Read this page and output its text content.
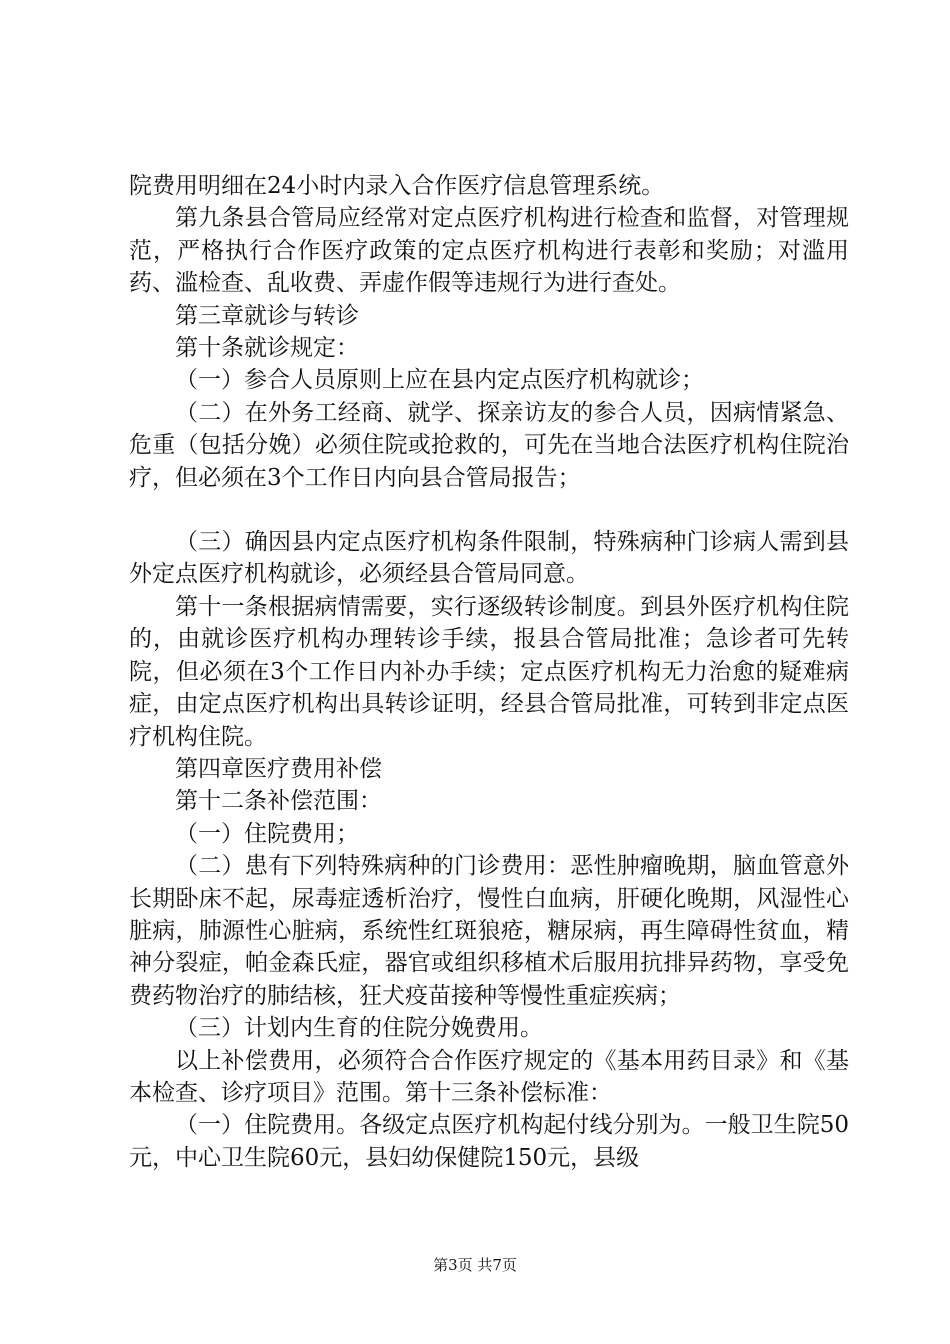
院费用明细在24小时内录入合作医疗信息管理系统。

第九条县合管局应经常对定点医疗机构进行检查和监督，对管理规范，严格执行合作医疗政策的定点医疗机构进行表彰和奖励；对滥用药、滥检查、乱收费、弄虚作假等违规行为进行查处。

第三章就诊与转诊

第十条就诊规定：

（一）参合人员原则上应在县内定点医疗机构就诊；

（二）在外务工经商、就学、探亲访友的参合人员，因病情紧急、危重（包括分娩）必须住院或抢救的，可先在当地合法医疗机构住院治疗，但必须在3个工作日内向县合管局报告；

（三）确因县内定点医疗机构条件限制，特殊病种门诊病人需到县外定点医疗机构就诊，必须经县合管局同意。

第十一条根据病情需要，实行逐级转诊制度。到县外医疗机构住院的，由就诊医疗机构办理转诊手续，报县合管局批准；急诊者可先转院，但必须在3个工作日内补办手续；定点医疗机构无力治愈的疑难病症，由定点医疗机构出具转诊证明，经县合管局批准，可转到非定点医疗机构住院。

第四章医疗费用补偿

第十二条补偿范围：

（一）住院费用；

（二）患有下列特殊病种的门诊费用：恶性肿瘤晚期，脑血管意外长期卧床不起，尿毒症透析治疗，慢性白血病，肝硬化晚期，风湿性心脏病，肺源性心脏病，系统性红斑狼疮，糖尿病，再生障碍性贫血，精神分裂症，帕金森氏症，器官或组织移植术后服用抗排异药物，享受免费药物治疗的肺结核，狂犬疫苗接种等慢性重症疾病；

（三）计划内生育的住院分娩费用。

以上补偿费用，必须符合合作医疗规定的《基本用药目录》和《基本检查、诊疗项目》范围。第十三条补偿标准：

（一）住院费用。各级定点医疗机构起付线分别为。一般卫生院50元，中心卫生院60元，县妇幼保健院150元，县级

第3页 共7页
